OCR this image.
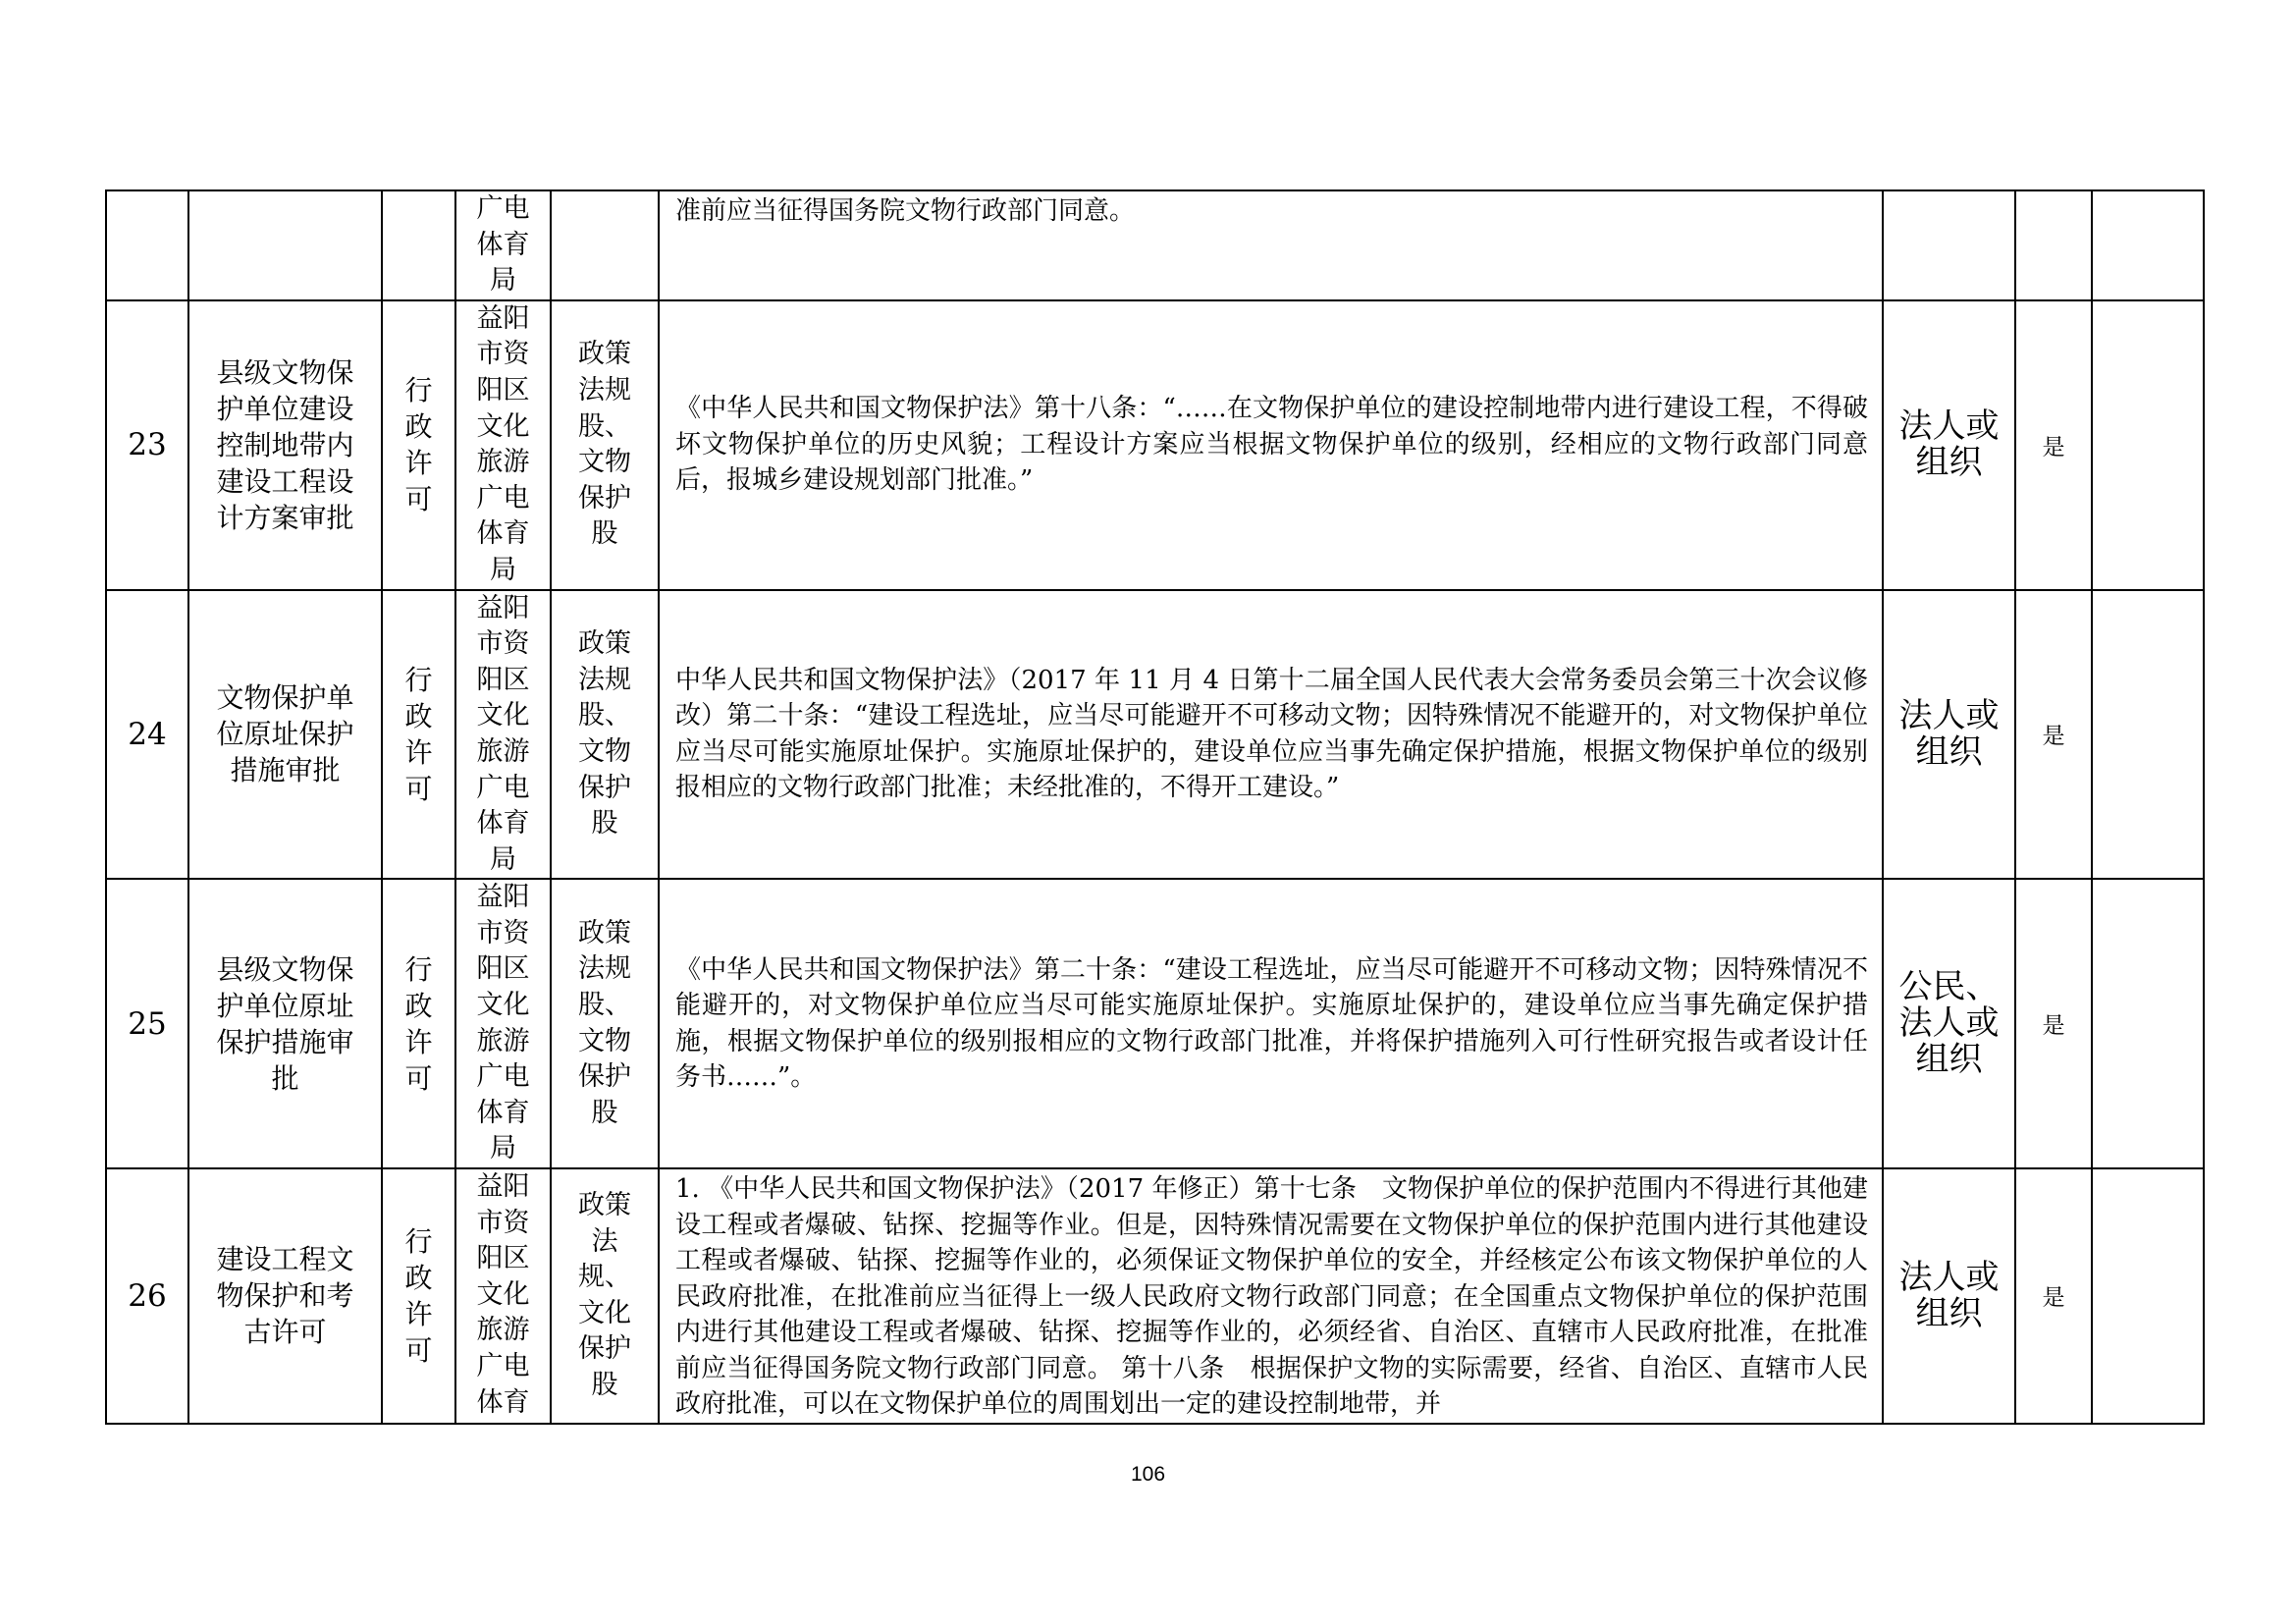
			广电体育局		准前应当征得国务院文物行政部门同意。			
23	县级文物保护单位建设控制地带内建设工程设计方案审批	行政许可	益阳市资阳区文化旅游广电体育局	政策法规股、文物保护股	《中华人民共和国文物保护法》第十八条：“……在文物保护单位的建设控制地带内进行建设工程，不得破坏文物保护单位的历史风貌；工程设计方案应当根据文物保护单位的级别，经相应的文物行政部门同意后，报城乡建设规划部门批准。”	法人或组织	是	
24	文物保护单位原址保护措施审批	行政许可	益阳市资阳区文化旅游广电体育局	政策法规股、文物保护股	中华人民共和国文物保护法》（2017 年 11 月 4 日第十二届全国人民代表大会常务委员会第三十次会议修改）第二十条：“建设工程选址，应当尽可能避开不可移动文物；因特殊情况不能避开的，对文物保护单位应当尽可能实施原址保护。实施原址保护的，建设单位应当事先确定保护措施，根据文物保护单位的级别报相应的文物行政部门批准；未经批准的，不得开工建设。”	法人或组织	是	
25	县级文物保护单位原址保护措施审批	行政许可	益阳市资阳区文化旅游广电体育局	政策法规股、文物保护股	《中华人民共和国文物保护法》第二十条：“建设工程选址，应当尽可能避开不可移动文物；因特殊情况不能避开的，对文物保护单位应当尽可能实施原址保护。实施原址保护的，建设单位应当事先确定保护措施，根据文物保护单位的级别报相应的文物行政部门批准，并将保护措施列入可行性研究报告或者设计任务书……”。	公民、法人或组织	是	
26	建设工程文物保护和考古许可	行政许可	益阳市资阳区文化旅游广电体育	政策法规、文化保护股	1. 《中华人民共和国文物保护法》（2017 年修正）第十七条　文物保护单位的保护范围内不得进行其他建设工程或者爆破、钻探、挖掘等作业。但是，因特殊情况需要在文物保护单位的保护范围内进行其他建设工程或者爆破、钻探、挖掘等作业的，必须保证文物保护单位的安全，并经核定公布该文物保护单位的人民政府批准，在批准前应当征得上一级人民政府文物行政部门同意；在全国重点文物保护单位的保护范围内进行其他建设工程或者爆破、钻探、挖掘等作业的，必须经省、自治区、直辖市人民政府批准，在批准前应当征得国务院文物行政部门同意。 第十八条　根据保护文物的实际需要，经省、自治区、直辖市人民政府批准，可以在文物保护单位的周围划出一定的建设控制地带，并	法人或组织	是	
106
